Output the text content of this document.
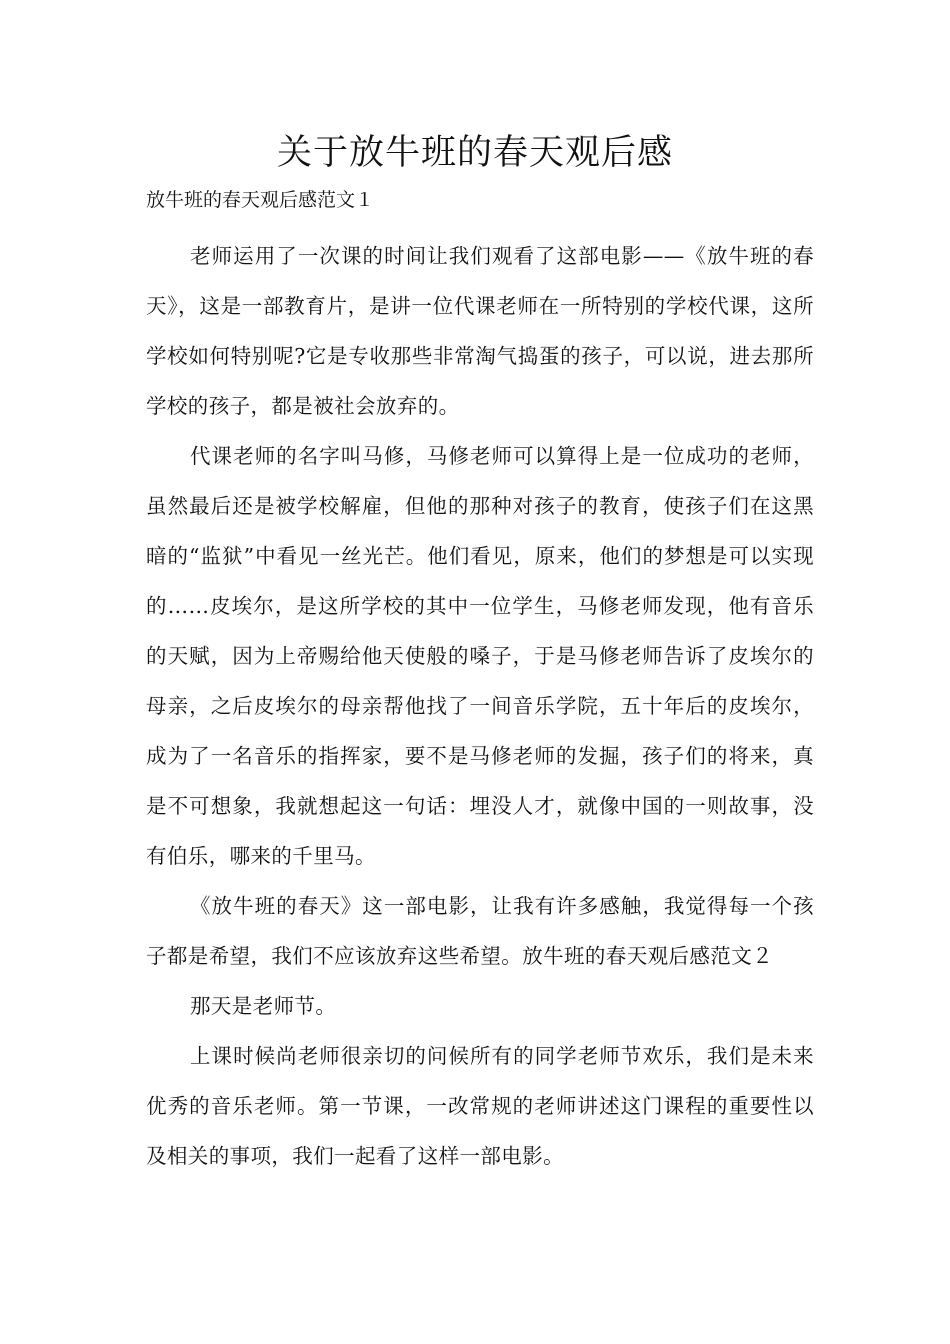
关于放牛班的春天观后感

放牛班的春天观后感范文１

老师运用了一次课的时间让我们观看了这部电影——《放牛班的春天》，这是一部教育片，是讲一位代课老师在一所特别的学校代课，这所学校如何特别呢?它是专收那些非常淘气捣蛋的孩子，可以说，进去那所学校的孩子，都是被社会放弃的。

代课老师的名字叫马修，马修老师可以算得上是一位成功的老师，虽然最后还是被学校解雇，但他的那种对孩子的教育，使孩子们在这黑暗的“监狱”中看见一丝光芒。他们看见，原来，他们的梦想是可以实现的……皮埃尔，是这所学校的其中一位学生，马修老师发现，他有音乐的天赋，因为上帝赐给他天使般的嗓子，于是马修老师告诉了皮埃尔的母亲，之后皮埃尔的母亲帮他找了一间音乐学院，五十年后的皮埃尔，成为了一名音乐的指挥家，要不是马修老师的发掘，孩子们的将来，真是不可想象，我就想起这一句话：埋没人才，就像中国的一则故事，没有伯乐，哪来的千里马。

《放牛班的春天》这一部电影，让我有许多感触，我觉得每一个孩子都是希望，我们不应该放弃这些希望。放牛班的春天观后感范文２

那天是老师节。

上课时候尚老师很亲切的问候所有的同学老师节欢乐，我们是未来优秀的音乐老师。第一节课，一改常规的老师讲述这门课程的重要性以及相关的事项，我们一起看了这样一部电影。
